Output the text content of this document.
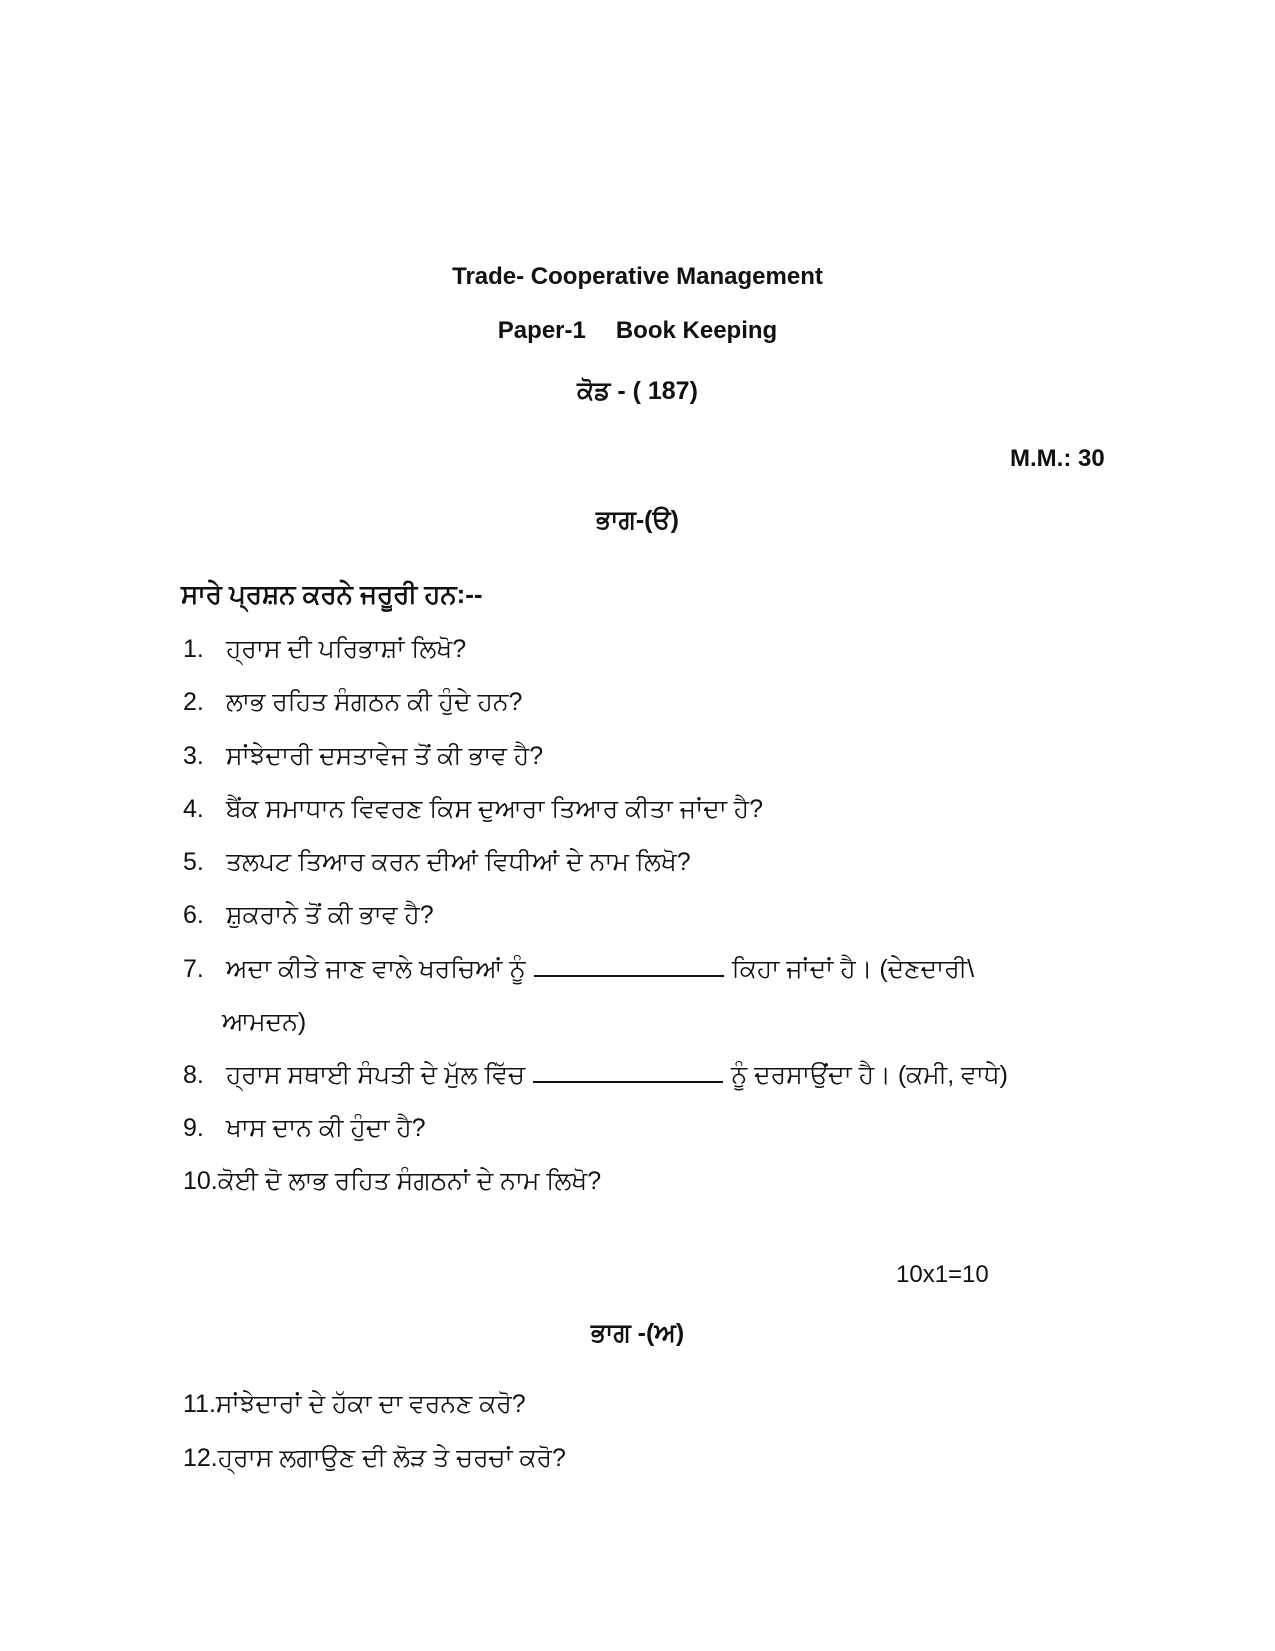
Trade- Cooperative Management
Paper-1 Book Keeping
ਕੋਡ - ( 187)
M.M.: 30
ਭਾਗ-(ੳ)
ਸਾਰੇ ਪ੍ਰਸ਼ਨ ਕਰਨੇ ਜਰੂਰੀ ਹਨ:--
1. ਹ੍ਰਾਸ ਦੀ ਪਰਿਭਾਸ਼ਾਂ ਲਿਖੋ?
2. ਲਾਭ ਰਹਿਤ ਸੰਗਠਨ ਕੀ ਹੁੰਦੇ ਹਨ?
3. ਸਾਂਝੇਦਾਰੀ ਦਸਤਾਵੇਜ ਤੋਂ ਕੀ ਭਾਵ ਹੈ?
4. ਬੈਂਕ ਸਮਾਧਾਨ ਵਿਵਰਣ ਕਿਸ ਦੁਆਰਾ ਤਿਆਰ ਕੀਤਾ ਜਾਂਦਾ ਹੈ?
5. ਤਲਪਟ ਤਿਆਰ ਕਰਨ ਦੀਆਂ ਵਿਧੀਆਂ ਦੇ ਨਾਮ ਲਿਖੋ?
6. ਸ਼ੁਕਰਾਨੇ ਤੋਂ ਕੀ ਭਾਵ ਹੈ?
7. ਅਦਾ ਕੀਤੇ ਜਾਣ ਵਾਲੇ ਖਰਚਿਆਂ ਨੂੰ	ਕਿਹਾ ਜਾਂਦਾਂ ਹੈ। (ਦੇਣਦਾਰੀ\
ਆਮਦਨ)
8. ਹ੍ਰਾਸ ਸਥਾਈ ਸੰਪਤੀ ਦੇ ਮੁੱਲ ਵਿੱਚ	ਨੂੰ ਦਰਸਾਉਂਦਾ ਹੈ। (ਕਮੀ, ਵਾਧੇ)
9. ਖਾਸ ਦਾਨ ਕੀ ਹੁੰਦਾ ਹੈ?
10.ਕੋਈ ਦੋ ਲਾਭ ਰਹਿਤ ਸੰਗਠਨਾਂ ਦੇ ਨਾਮ ਲਿਖੋ?
10x1=10
ਭਾਗ -(ਅ)
11.ਸਾਂਝੇਦਾਰਾਂ ਦੇ ਹੱਕਾ ਦਾ ਵਰਨਣ ਕਰੋ?
12.ਹ੍ਰਾਸ ਲਗਾਉਣ ਦੀ ਲੋੜ ਤੇ ਚਰਚਾਂ ਕਰੋ?
